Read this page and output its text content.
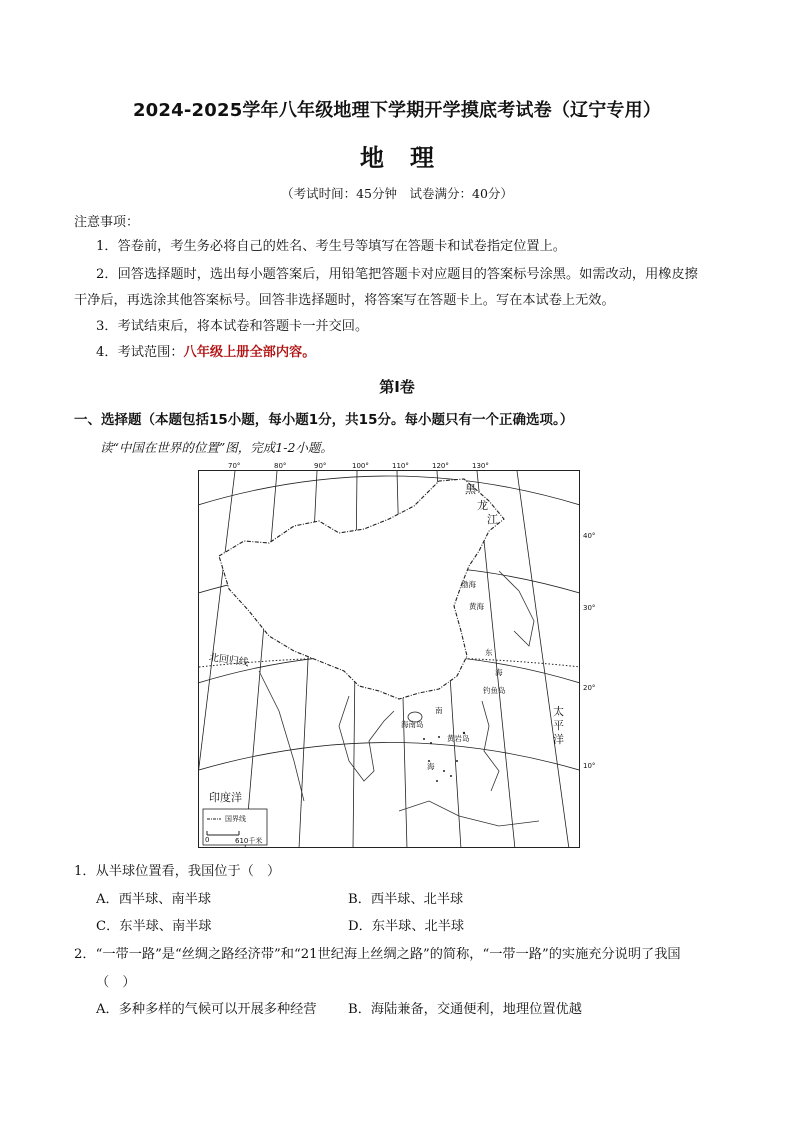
2024-2025学年八年级地理下学期开学摸底考试卷（辽宁专用）
地理
（考试时间：45分钟　试卷满分：40分）
注意事项：
1．答卷前，考生务必将自己的姓名、考生号等填写在答题卡和试卷指定位置上。
2．回答选择题时，选出每小题答案后，用铅笔把答题卡对应题目的答案标号涂黑。如需改动，用橡皮擦干净后，再选涂其他答案标号。回答非选择题时，将答案写在答题卡上。写在本试卷上无效。
3．考试结束后，将本试卷和答题卡一并交回。
4．考试范围：八年级上册全部内容。
第Ⅰ卷
一、选择题（本题包括15小题，每小题1分，共15分。每小题只有一个正确选项。）
读“中国在世界的位置”图，完成1-2小题。
70°	80°	90°	100°	110°	120°	130°
40°
30°
20°
10°
黑
龙
江
渤海
黄海
东
海
北回归线
钓鱼岛
南
海
海南岛
黄岩岛
太
平
洋
印度洋
国界线
0	610千米
1．从半球位置看，我国位于（　）
A．西半球、南半球	B．西半球、北半球
C．东半球、南半球	D．东半球、北半球
2．“一带一路”是“丝绸之路经济带”和“21世纪海上丝绸之路”的简称，“一带一路”的实施充分说明了我国
（　）
A．多种多样的气候可以开展多种经营 B．海陆兼备，交通便利，地理位置优越
